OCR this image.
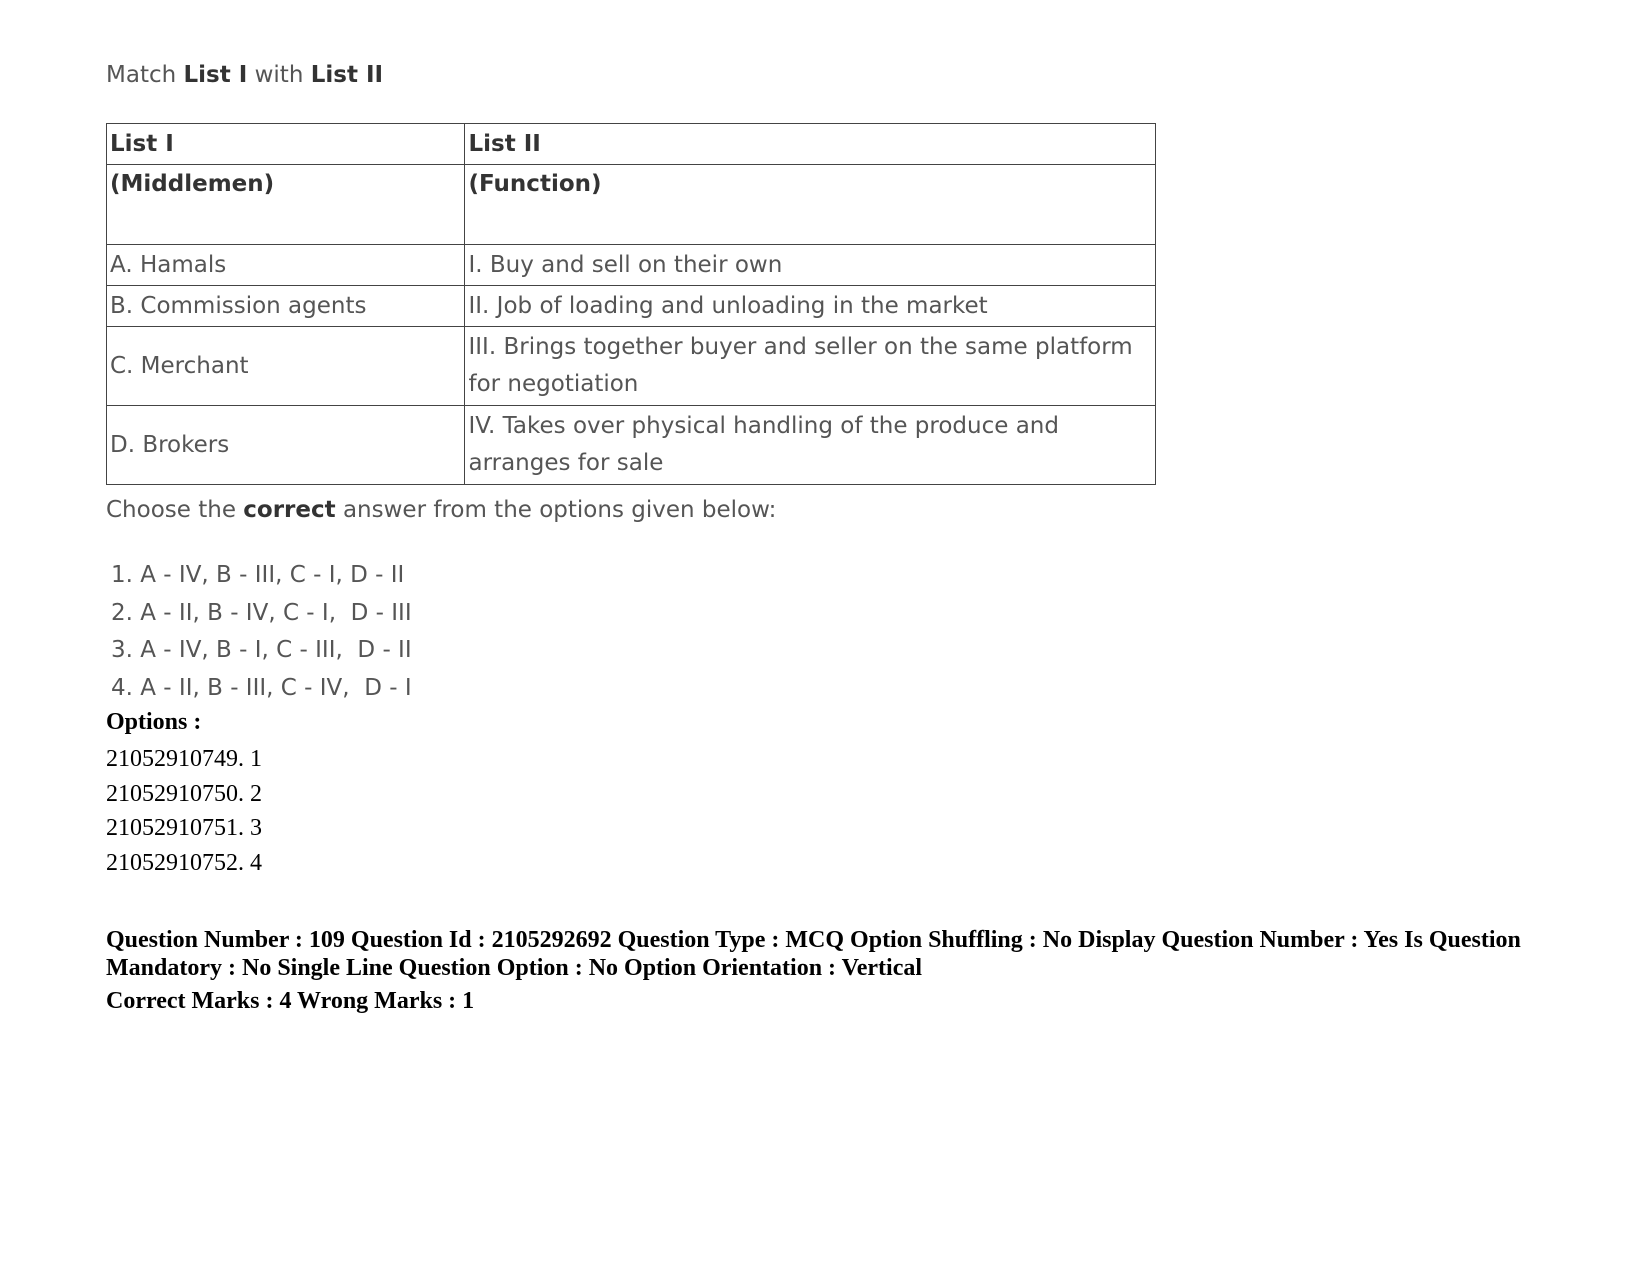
Match List I with List II
List I	List II
(Middlemen)	(Function)
A. Hamals	I. Buy and sell on their own
B. Commission agents	II. Job of loading and unloading in the market
C. Merchant	III. Brings together buyer and seller on the same platform for negotiation
D. Brokers	IV. Takes over physical handling of the produce and arranges for sale
Choose the correct answer from the options given below:
1. A - IV, B - III, C - I, D - II
2. A - II, B - IV, C - I,  D - III
3. A - IV, B - I, C - III,  D - II
4. A - II, B - III, C - IV,  D - I
Options :
21052910749. 1
21052910750. 2
21052910751. 3
21052910752. 4
Question Number : 109 Question Id : 2105292692 Question Type : MCQ Option Shuffling : No Display Question Number : Yes Is Question Mandatory : No Single Line Question Option : No Option Orientation : Vertical
Correct Marks : 4 Wrong Marks : 1
